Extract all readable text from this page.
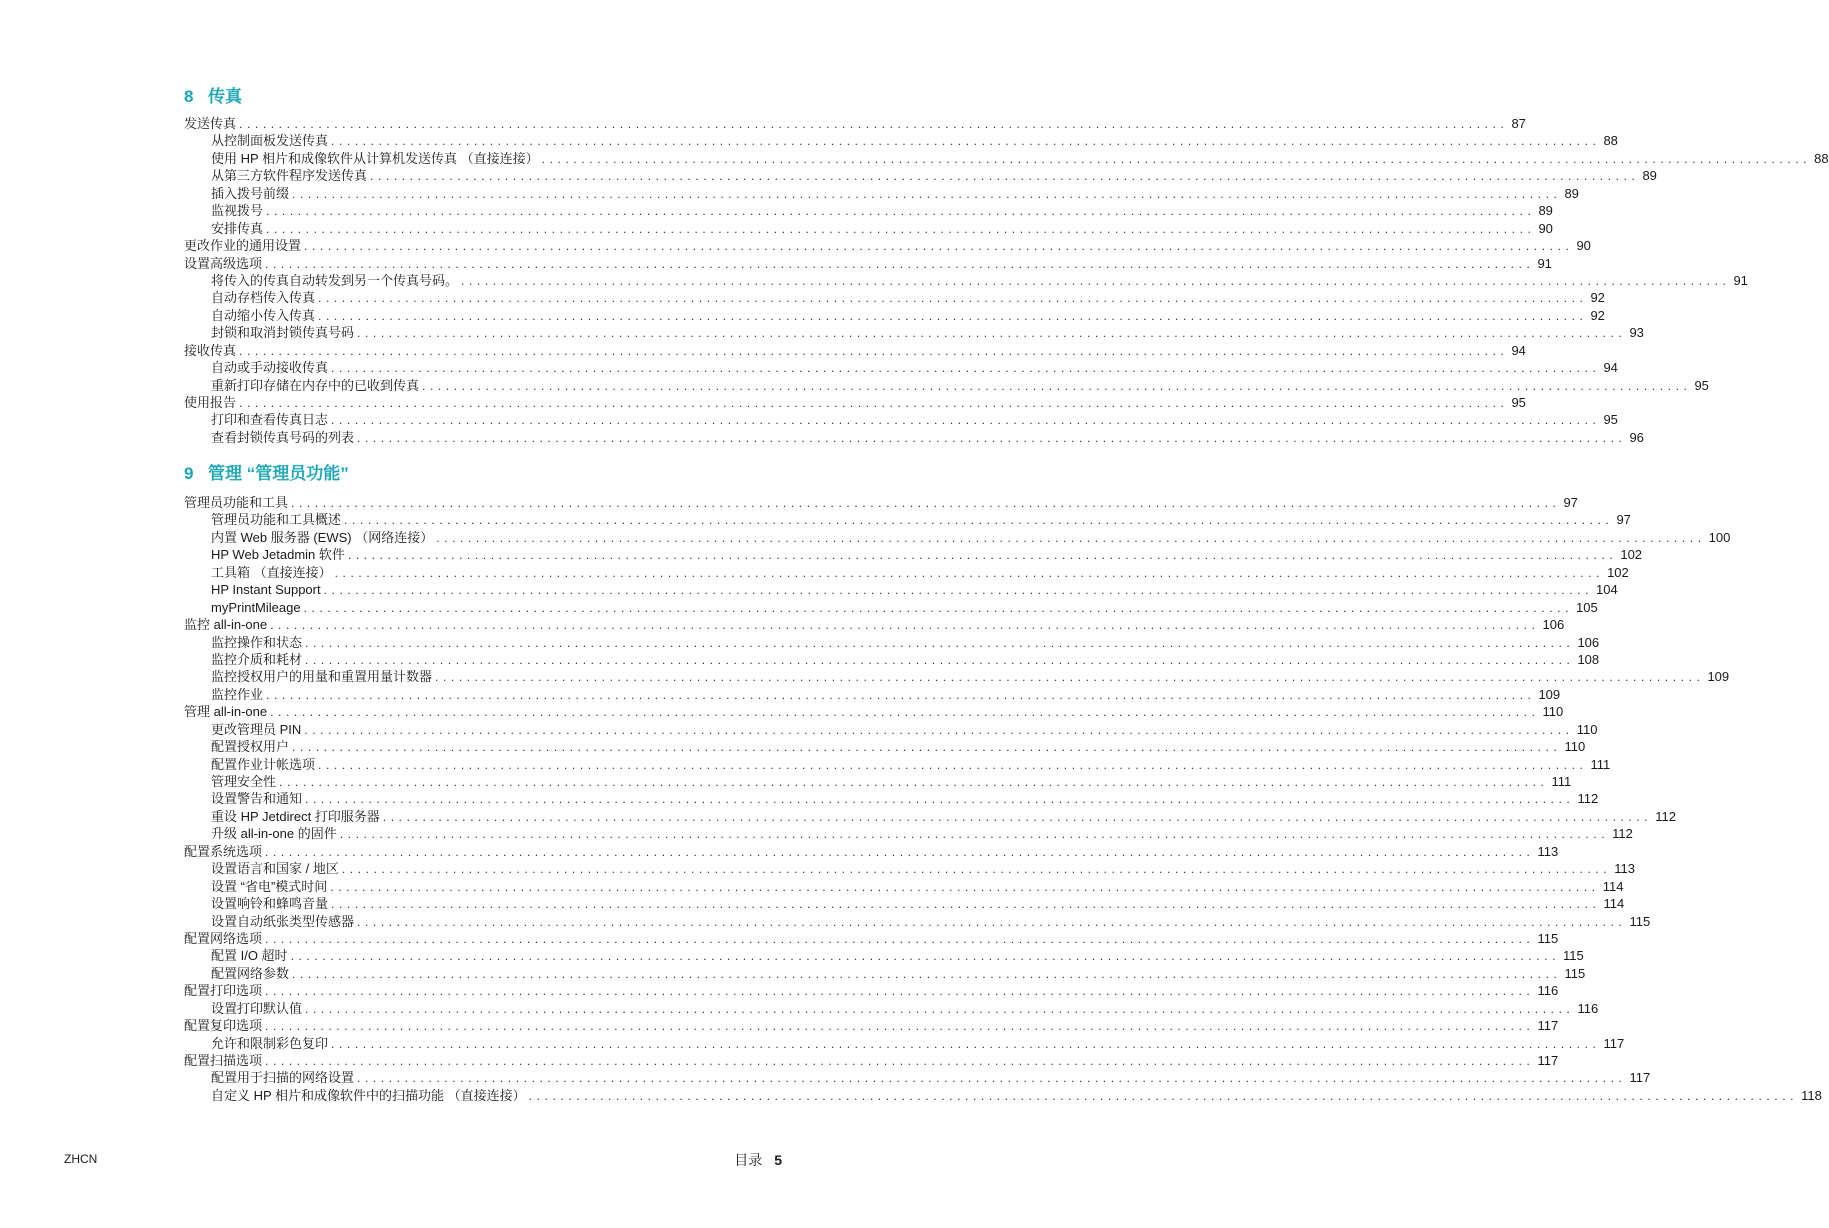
8 传真
发送传真 ................................................................................................................................................................ 87
从控制面板发送传真 ................................................................................................................................................................ 88
使用 HP 相片和成像软件从计算机发送传真 （直接连接） ................................................................................................................................................................ 88
从第三方软件程序发送传真 ................................................................................................................................................................ 89
插入拨号前缀 ................................................................................................................................................................ 89
监视拨号 ................................................................................................................................................................ 89
安排传真 ................................................................................................................................................................ 90
更改作业的通用设置 ................................................................................................................................................................ 90
设置高级选项 ................................................................................................................................................................ 91
将传入的传真自动转发到另一个传真号码。 ................................................................................................................................................................ 91
自动存档传入传真 ................................................................................................................................................................ 92
自动缩小传入传真 ................................................................................................................................................................ 92
封锁和取消封锁传真号码 ................................................................................................................................................................ 93
接收传真 ................................................................................................................................................................ 94
自动或手动接收传真 ................................................................................................................................................................ 94
重新打印存储在内存中的已收到传真 ................................................................................................................................................................ 95
使用报告 ................................................................................................................................................................ 95
打印和查看传真日志 ................................................................................................................................................................ 95
查看封锁传真号码的列表 ................................................................................................................................................................ 96
9 管理 “管理员功能”
管理员功能和工具 ................................................................................................................................................................ 97
管理员功能和工具概述 ................................................................................................................................................................ 97
内置 Web 服务器 (EWS) （网络连接） ................................................................................................................................................................ 100
HP Web Jetadmin 软件 ................................................................................................................................................................ 102
工具箱 （直接连接） ................................................................................................................................................................ 102
HP Instant Support ................................................................................................................................................................ 104
myPrintMileage ................................................................................................................................................................ 105
监控 all-in-one ................................................................................................................................................................ 106
监控操作和状态 ................................................................................................................................................................ 106
监控介质和耗材 ................................................................................................................................................................ 108
监控授权用户的用量和重置用量计数器 ................................................................................................................................................................ 109
监控作业 ................................................................................................................................................................ 109
管理 all-in-one ................................................................................................................................................................ 110
更改管理员 PIN ................................................................................................................................................................ 110
配置授权用户 ................................................................................................................................................................ 110
配置作业计帐选项 ................................................................................................................................................................ 111
管理安全性 ................................................................................................................................................................ 111
设置警告和通知 ................................................................................................................................................................ 112
重设 HP Jetdirect 打印服务器 ................................................................................................................................................................ 112
升级 all-in-one 的固件 ................................................................................................................................................................ 112
配置系统选项 ................................................................................................................................................................ 113
设置语言和国家 / 地区 ................................................................................................................................................................ 113
设置 “省电”模式时间 ................................................................................................................................................................ 114
设置响铃和蜂鸣音量 ................................................................................................................................................................ 114
设置自动纸张类型传感器 ................................................................................................................................................................ 115
配置网络选项 ................................................................................................................................................................ 115
配置 I/O 超时 ................................................................................................................................................................ 115
配置网络参数 ................................................................................................................................................................ 115
配置打印选项 ................................................................................................................................................................ 116
设置打印默认值 ................................................................................................................................................................ 116
配置复印选项 ................................................................................................................................................................ 117
允许和限制彩色复印 ................................................................................................................................................................ 117
配置扫描选项 ................................................................................................................................................................ 117
配置用于扫描的网络设置 ................................................................................................................................................................ 117
自定义 HP 相片和成像软件中的扫描功能 （直接连接） ................................................................................................................................................................ 118
ZHCN	目录 5
